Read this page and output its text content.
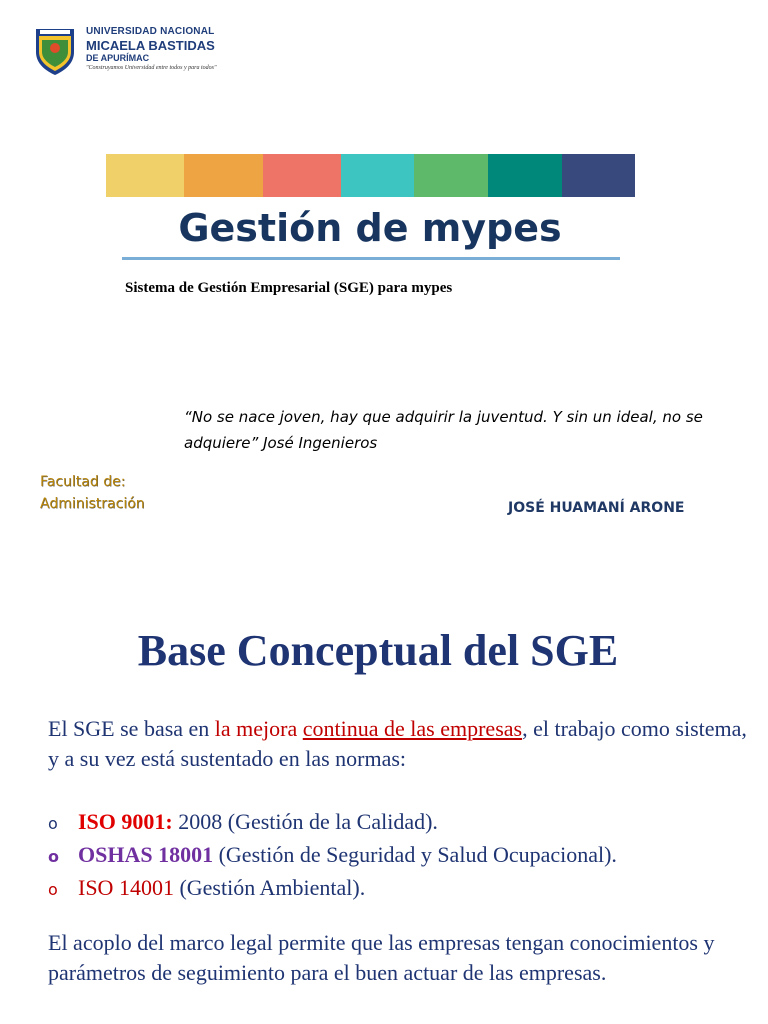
UNIVERSIDAD NACIONAL
MICAELA BASTIDAS
DE APURÍMAC
"Construyamos Universidad entre todos y para todos"
Gestión de mypes
Sistema de Gestión Empresarial (SGE) para mypes
“No se nace joven, hay que adquirir la juventud. Y sin un ideal, no se adquiere” José Ingenieros
Facultad de:
Administración	JOSÉ HUAMANÍ ARONE
Base Conceptual del SGE
El SGE se basa en la mejora continua de las empresas, el trabajo como sistema, y a su vez está sustentado en las normas:
o ISO 9001: 2008 (Gestión de la Calidad).
o OSHAS 18001 (Gestión de Seguridad y Salud Ocupacional).
o ISO 14001 (Gestión Ambiental).
El acoplo del marco legal permite que las empresas tengan conocimientos y parámetros de seguimiento para el buen actuar de las empresas.
